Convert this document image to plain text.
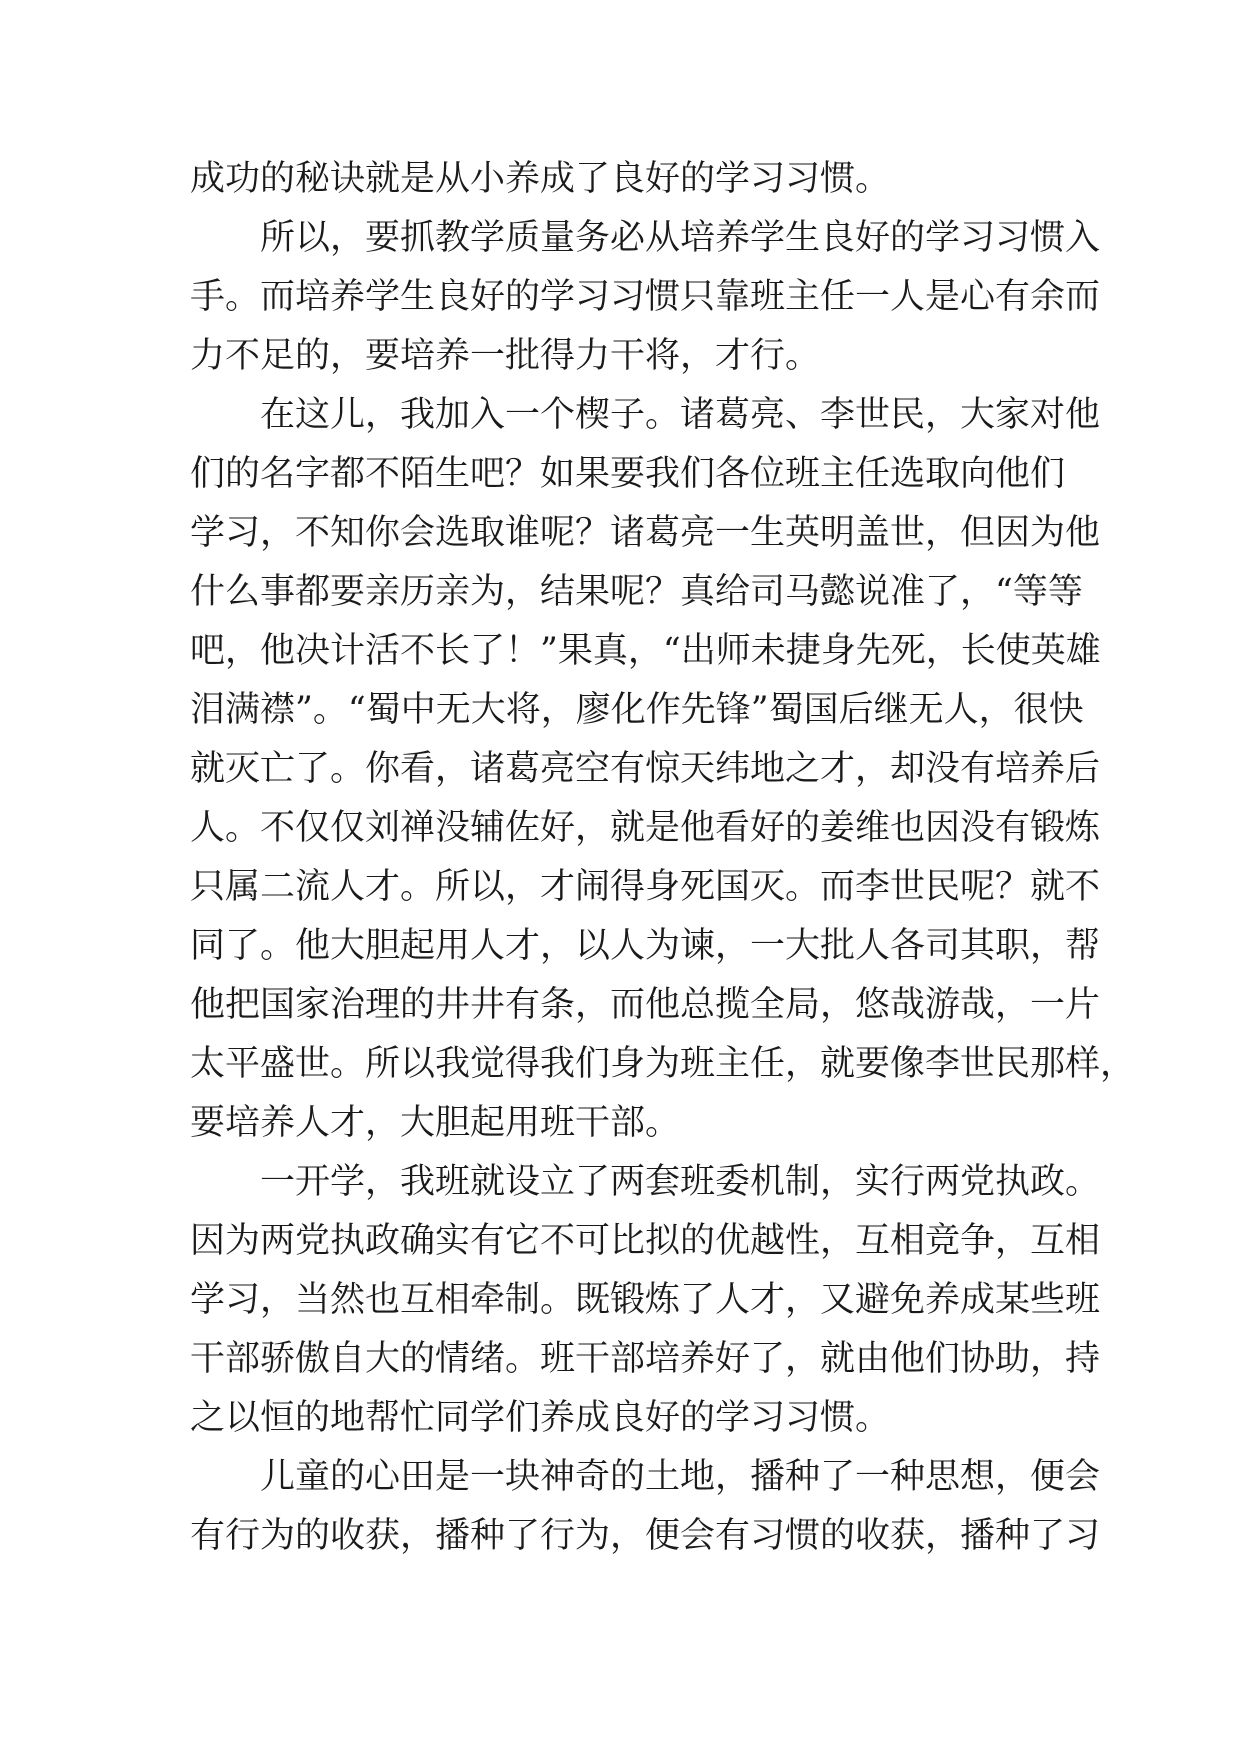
成功的秘诀就是从小养成了良好的学习习惯。
所以，要抓教学质量务必从培养学生良好的学习习惯入
手。而培养学生良好的学习习惯只靠班主任一人是心有余而
力不足的，要培养一批得力干将，才行。
在这儿，我加入一个楔子。诸葛亮、李世民，大家对他
们的名字都不陌生吧？如果要我们各位班主任选取向他们
学习，不知你会选取谁呢？诸葛亮一生英明盖世，但因为他
什么事都要亲历亲为，结果呢？真给司马懿说准了，“等等
吧，他决计活不长了！”果真，“出师未捷身先死，长使英雄
泪满襟”。“蜀中无大将，廖化作先锋”蜀国后继无人，很快
就灭亡了。你看，诸葛亮空有惊天纬地之才，却没有培养后
人。不仅仅刘禅没辅佐好，就是他看好的姜维也因没有锻炼
只属二流人才。所以，才闹得身死国灭。而李世民呢？就不
同了。他大胆起用人才，以人为谏，一大批人各司其职，帮
他把国家治理的井井有条，而他总揽全局，悠哉游哉，一片
太平盛世。所以我觉得我们身为班主任，就要像李世民那样，
要培养人才，大胆起用班干部。
一开学，我班就设立了两套班委机制，实行两党执政。
因为两党执政确实有它不可比拟的优越性，互相竞争，互相
学习，当然也互相牵制。既锻炼了人才，又避免养成某些班
干部骄傲自大的情绪。班干部培养好了，就由他们协助，持
之以恒的地帮忙同学们养成良好的学习习惯。
儿童的心田是一块神奇的土地，播种了一种思想，便会
有行为的收获，播种了行为，便会有习惯的收获，播种了习
